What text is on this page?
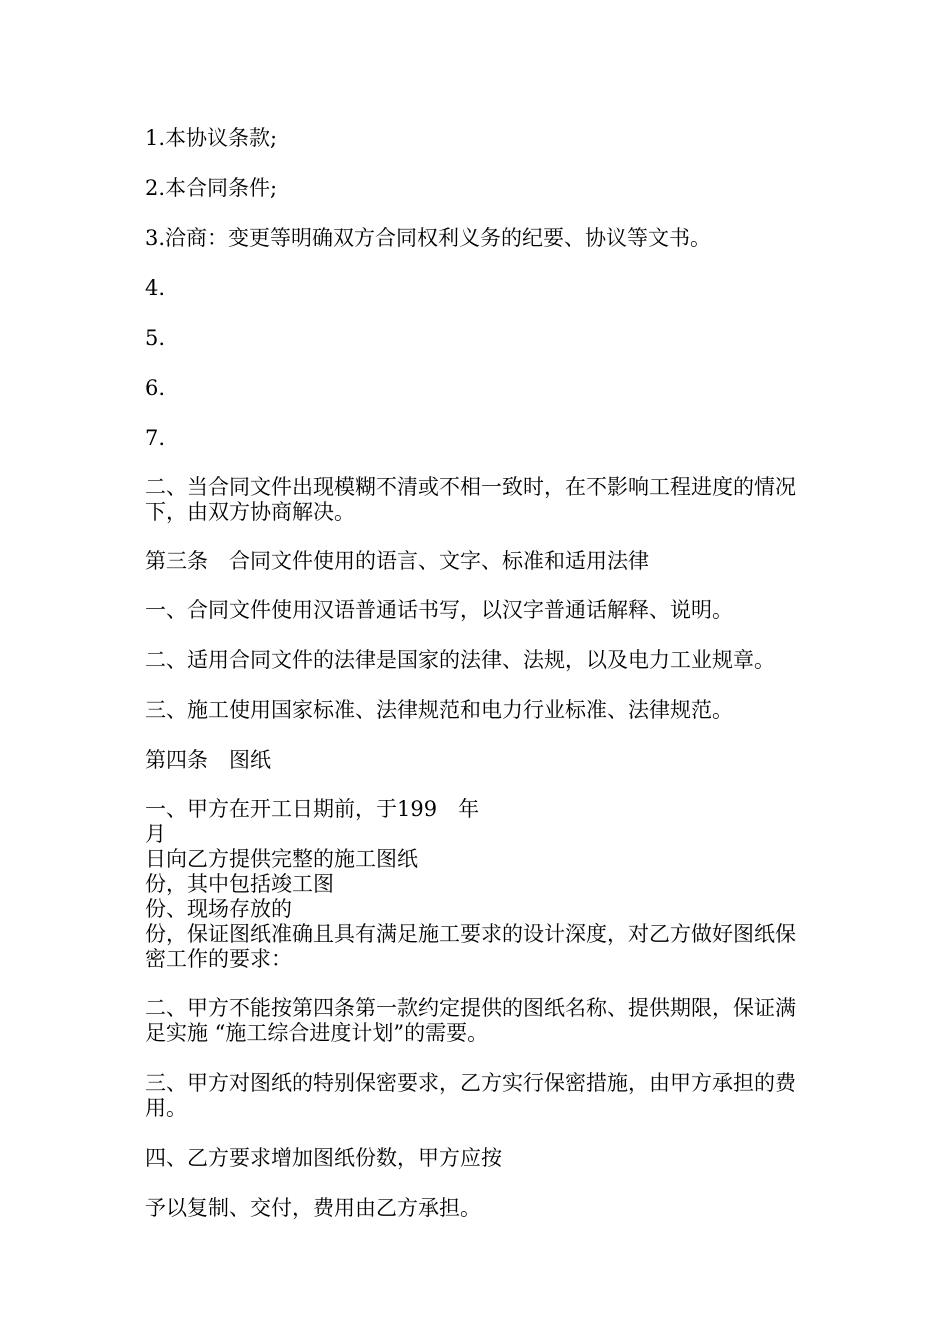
1.本协议条款;
2.本合同条件;
3.洽商：变更等明确双方合同权利义务的纪要、协议等文书。
4.
5.
6.
7.
二、当合同文件出现模糊不清或不相一致时，在不影响工程进度的情况下，由双方协商解决。
第三条　合同文件使用的语言、文字、标准和适用法律
一、合同文件使用汉语普通话书写，以汉字普通话解释、说明。
二、适用合同文件的法律是国家的法律、法规，以及电力工业规章。
三、施工使用国家标准、法律规范和电力行业标准、法律规范。
第四条　图纸
一、甲方在开工日期前，于199　年
月
日向乙方提供完整的施工图纸
份，其中包括竣工图
份、现场存放的
份，保证图纸准确且具有满足施工要求的设计深度，对乙方做好图纸保密工作的要求：
二、甲方不能按第四条第一款约定提供的图纸名称、提供期限，保证满足实施 “施工综合进度计划”的需要。
三、甲方对图纸的特别保密要求，乙方实行保密措施，由甲方承担的费用。
四、乙方要求增加图纸份数，甲方应按
予以复制、交付，费用由乙方承担。
